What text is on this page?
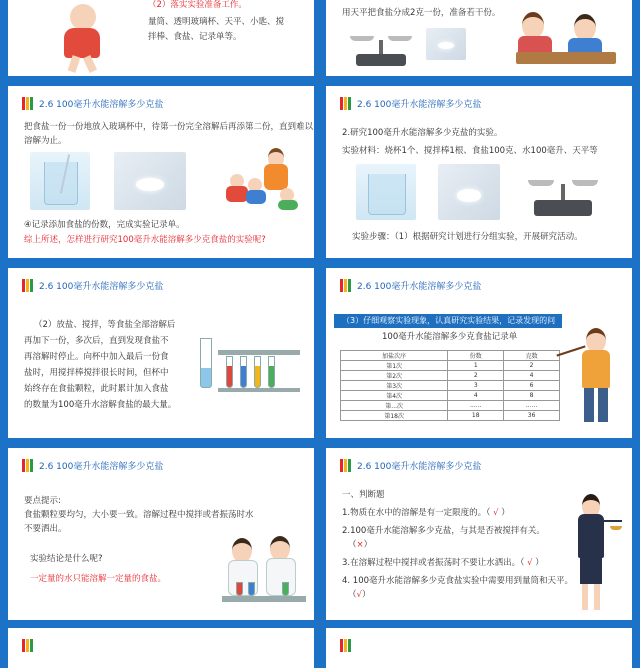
（2）落实实验准备工作。
量筒、透明玻璃杯、天平、小匙、搅
拌棒、食盐、记录单等。
用天平把食盐分成2克一份，准备若干份。
2.6 100毫升水能溶解多少克盐
把食盐一份一份地放入玻璃杯中，待第一份完全溶解后再添第二份，直到难以
溶解为止。
④记录添加食盐的份数，完成实验记录单。
综上所述，怎样进行研究100毫升水能溶解多少克食盐的实验呢?
2.6 100毫升水能溶解多少克盐
2.研究100毫升水能溶解多少克盐的实验。
实验材料：烧杯1个、搅拌棒1根、食盐100克、水100毫升、天平等
实验步骤：（1）根据研究计划进行分组实验，开展研究活动。
2.6 100毫升水能溶解多少克盐
（2）放盐、搅拌，等食盐全部溶解后
再加下一份，多次后，直到发现食盐不
再溶解时停止。向杯中加入最后一份食
盐时，用搅拌棒搅拌很长时间，但杯中
始终存在食盐颗粒，此时累计加入食盐
的数量为100毫升水溶解食盐的最大量。
2.6 100毫升水能溶解多少克盐
（3）仔细观察实验现象，认真研究实验结果，记录发现的问题。	100毫升水能溶解多少克食盐记录单
加盐次序	份数	克数
第1次	1	2
第2次	2	4
第3次	3	6
第4次	4	8
第...次	......	......
第18次	18	36
2.6 100毫升水能溶解多少克盐
要点提示:
食盐颗粒要均匀，大小要一致。溶解过程中搅拌或者振荡时水
不要洒出。
实验结论是什么呢?
一定量的水只能溶解一定量的食盐。
2.6 100毫升水能溶解多少克盐
一、判断题
1.物质在水中的溶解是有一定限度的。（ √ ）
2.100毫升水能溶解多少克盐，与其是否被搅拌有关。
（×）
3.在溶解过程中搅拌或者振荡时不要让水洒出。（ √ ）
4. 100毫升水能溶解多少克食盐实验中需要用到量筒和天平。
（√）
